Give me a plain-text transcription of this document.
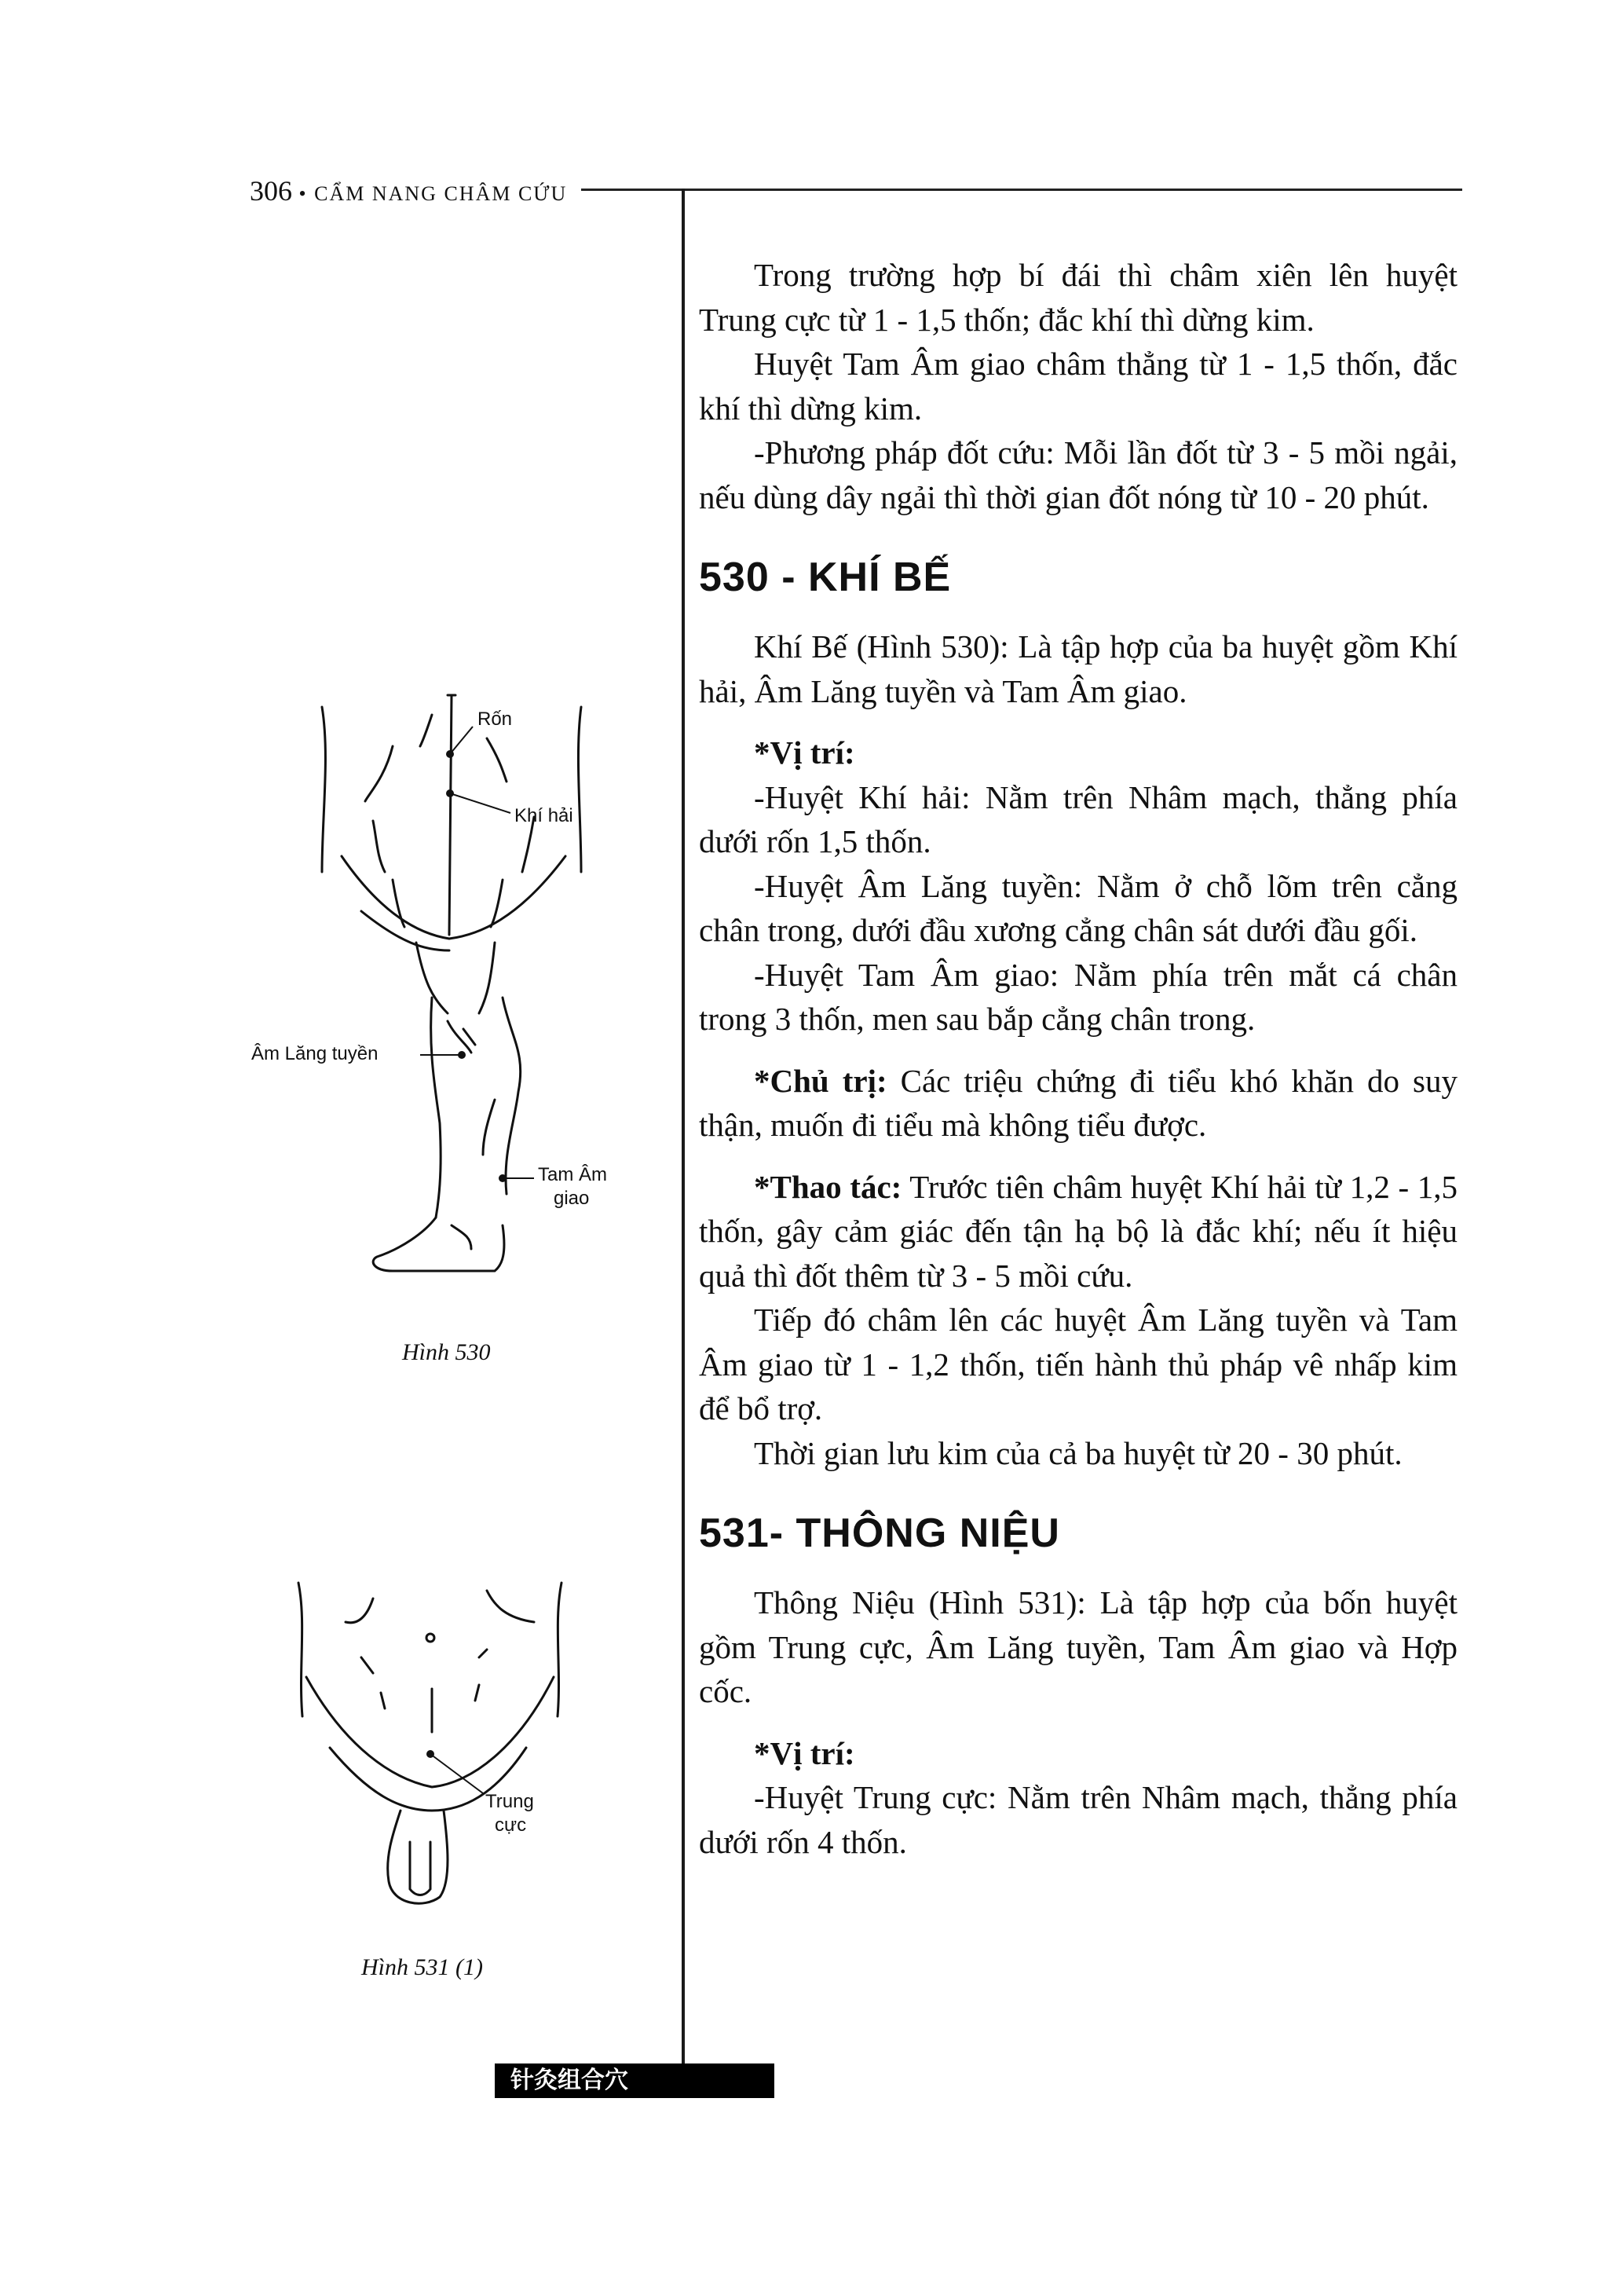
306 • CẨM NANG CHÂM CỨU

Trong trường hợp bí đái thì châm xiên lên huyệt Trung cực từ 1 - 1,5 thốn; đắc khí thì dừng kim.

Huyệt Tam Âm giao châm thẳng từ 1 - 1,5 thốn, đắc khí thì dừng kim.

-Phương pháp đốt cứu: Mỗi lần đốt từ 3 - 5 mồi ngải, nếu dùng dây ngải thì thời gian đốt nóng từ 10 - 20 phút.

530 - KHÍ BẾ

Khí Bế (Hình 530): Là tập hợp của ba huyệt gồm Khí hải, Âm Lăng tuyền và Tam Âm giao.

*Vị trí:

-Huyệt Khí hải: Nằm trên Nhâm mạch, thẳng phía dưới rốn 1,5 thốn.

-Huyệt Âm Lăng tuyền: Nằm ở chỗ lõm trên cẳng chân trong, dưới đầu xương cẳng chân sát dưới đầu gối.

-Huyệt Tam Âm giao: Nằm phía trên mắt cá chân trong 3 thốn, men sau bắp cẳng chân trong.

*Chủ trị: Các triệu chứng đi tiểu khó khăn do suy thận, muốn đi tiểu mà không tiểu được.

*Thao tác: Trước tiên châm huyệt Khí hải từ 1,2 - 1,5 thốn, gây cảm giác đến tận hạ bộ là đắc khí; nếu ít hiệu quả thì đốt thêm từ 3 - 5 mồi cứu.

Tiếp đó châm lên các huyệt Âm Lăng tuyền và Tam Âm giao từ 1 - 1,2 thốn, tiến hành thủ pháp vê nhấp kim để bổ trợ.

Thời gian lưu kim của cả ba huyệt từ 20 - 30 phút.

531- THÔNG NIỆU

Thông Niệu (Hình 531): Là tập hợp của bốn huyệt gồm Trung cực, Âm Lăng tuyền, Tam Âm giao và Hợp cốc.

*Vị trí:

-Huyệt Trung cực: Nằm trên Nhâm mạch, thẳng phía dưới rốn 4 thốn.

Rốn
Khí hải
Âm Lăng tuyền
Tam Âm
giao
Hình 530
Trung
cực
Hình 531 (1)
针灸组合穴
